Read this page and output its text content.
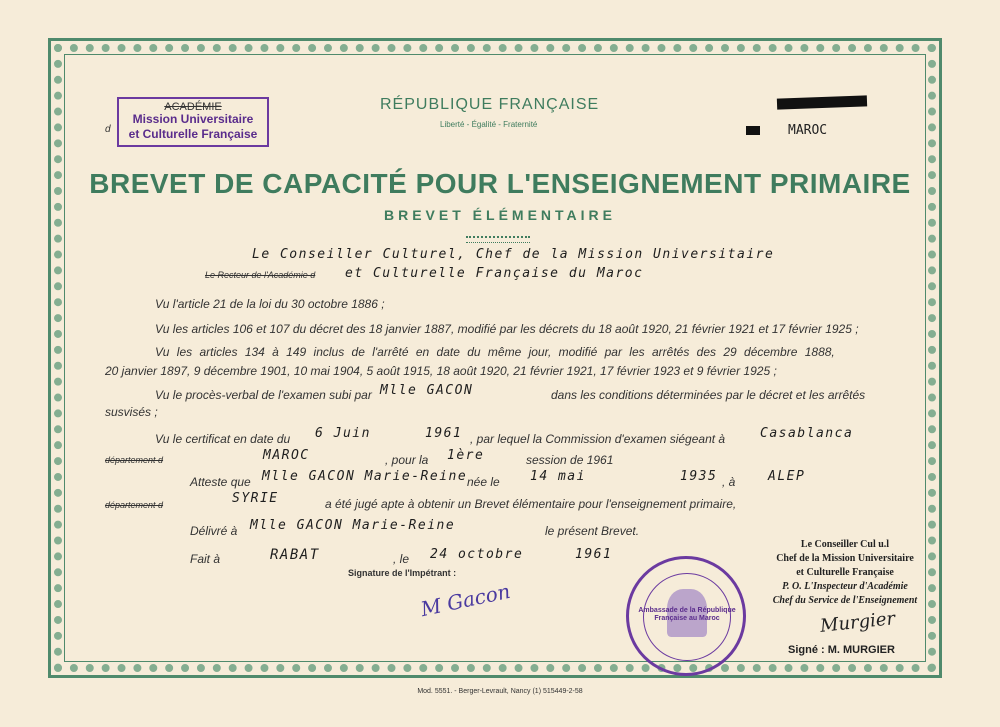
ACADÉMIE
Mission Universitaire
et Culturelle Française
d
RÉPUBLIQUE FRANÇAISE
Liberté - Égalité - Fraternité	MAROC
BREVET DE CAPACITÉ POUR L'ENSEIGNEMENT PRIMAIRE
BREVET ÉLÉMENTAIRE
Le Conseiller Culturel, Chef de la Mission Universitaire
Le Recteur de l'Académie d et Culturelle Française du Maroc
Vu l'article 21 de la loi du 30 octobre 1886 ;
Vu les articles 106 et 107 du décret des 18 janvier 1887, modifié par les décrets du 18 août 1920, 21 février 1921 et 17 février 1925 ;
Vu les articles 134 à 149 inclus de l'arrêté en date du même jour, modifié par les arrêtés des 29 décembre 1888,
20 janvier 1897, 9 décembre 1901, 10 mai 1904, 5 août 1915, 18 août 1920, 21 février 1921, 17 février 1923 et 9 février 1925 ;
Vu le procès-verbal de l'examen subi par Mlle GACON	dans les conditions déterminées par le décret et les arrêtés
susvisés ;
Vu le certificat en date du 6 Juin	1961 , par lequel la Commission d'examen siégeant à	Casablanca
département d	MAROC	, pour la 1ère	session de 1961
Atteste que Mlle GACON Marie-Reine née le 14 mai	1935 , à	ALEP
département d	SYRIE	a été jugé apte à obtenir un Brevet élémentaire pour l'enseignement primaire,
Délivré à Mlle GACON Marie-Reine	le présent Brevet.
Fait à	RABAT	, le 24 octobre	1961
Signature de l'Impétrant :
M Gacon	Ambassade de la République Française au Maroc
Le Conseiller Cul u.l
Chef de la Mission Universitaire
et Culturelle Française
P. O. L'Inspecteur d'Académie
Chef du Service de l'Enseignement
Murgier
Signé : M. MURGIER
Mod. 5551. - Berger-Levrault, Nancy (1) 515449-2-58
